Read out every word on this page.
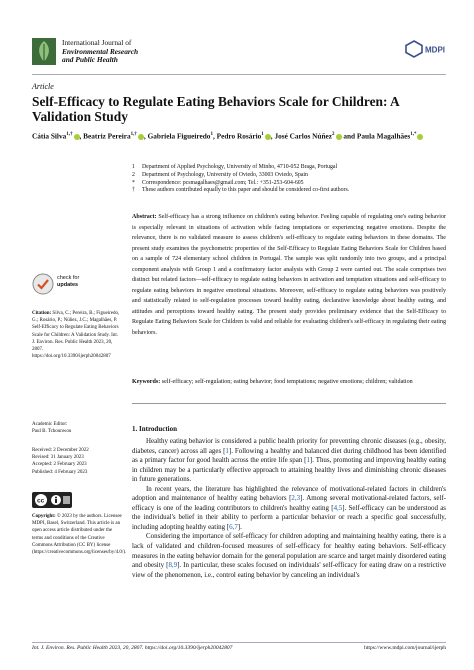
International Journal of
Environmental Research
and Public Health
MDPI
Article
Self-Efficacy to Regulate Eating Behaviors Scale for Children: A Validation Study
Cátia Silva$^{1,\dagger}$ , Beatriz Pereira$^{1,\dagger}$ , Gabriela Figueiredo$^1$, Pedro Rosário$^1$ , José Carlos Núñez$^2$ and Paula Magalhães$^{1,*}$
1	Department of Applied Psychology, University of Minho, 4710-052 Braga, Portugal
2	Department of Psychology, University of Oviedo, 33003 Oviedo, Spain
*	Correspondence: pcsmagalhaes@gmail.com; Tel.: +351-253-604-605
†	These authors contributed equally to this paper and should be considered co-first authors.
Abstract: Self-efficacy has a strong influence on children's eating behavior. Feeling capable of regulating one's eating behavior is especially relevant in situations of activation while facing temptations or experiencing negative emotions. Despite the relevance, there is no validated measure to assess children's self-efficacy to regulate eating behaviors in these domains. The present study examines the psychometric properties of the Self-Efficacy to Regulate Eating Behaviors Scale for Children based on a sample of 724 elementary school children in Portugal. The sample was split randomly into two groups, and a principal component analysis with Group 1 and a confirmatory factor analysis with Group 2 were carried out. The scale comprises two distinct but related factors—self-efficacy to regulate eating behaviors in activation and temptation situations and self-efficacy to regulate eating behaviors in negative emotional situations. Moreover, self-efficacy to regulate eating behaviors was positively and statistically related to self-regulation processes toward healthy eating, declarative knowledge about healthy eating, and attitudes and perceptions toward healthy eating. The present study provides preliminary evidence that the Self-Efficacy to Regulate Eating Behaviors Scale for Children is valid and reliable for evaluating children's self-efficacy in regulating their eating behaviors.
Keywords: self-efficacy; self-regulation; eating behavior; food temptations; negative emotions; children; validation
1. Introduction

Healthy eating behavior is considered a public health priority for preventing chronic diseases (e.g., obesity, diabetes, cancer) across all ages [1]. Following a healthy and balanced diet during childhood has been identified as a primary factor for good health across the entire life span [1]. Thus, promoting and improving healthy eating in children may be a particularly effective approach to attaining healthy lives and diminishing chronic diseases in future generations.

In recent years, the literature has highlighted the relevance of motivational-related factors in children's adoption and maintenance of healthy eating behaviors [2,3]. Among several motivational-related factors, self-efficacy is one of the leading contributors to children's healthy eating [4,5]. Self-efficacy can be understood as the individual's belief in their ability to perform a particular behavior or reach a specific goal successfully, including adopting healthy eating [6,7].

Considering the importance of self-efficacy for children adopting and maintaining healthy eating, there is a lack of validated and children-focused measures of self-efficacy for healthy eating behaviors. Self-efficacy measures in the eating behavior domain for the general population are scarce and target mainly disordered eating and obesity [8,9]. In particular, these scales focused on individuals' self-efficacy for eating draw on a restrictive view of the phenomenon, i.e., control eating behavior by canceling an individual's

check for
updates
Citation: Silva, C.; Pereira, B.; Figueiredo, G.; Rosário, P.; Núñez, J.C.; Magalhães, P. Self-Efficacy to Regulate Eating Behaviors Scale for Children: A Validation Study. Int. J. Environ. Res. Public Health 2023, 20, 2807. https://doi.org/10.3390/ijerph20042807
Academic Editor:
Paul B. Tchounwou
Received: 2 December 2022
Revised: 31 January 2023
Accepted: 2 February 2023
Published: 4 February 2023
cc
Copyright: © 2023 by the authors. Licensee MDPI, Basel, Switzerland. This article is an open access article distributed under the terms and conditions of the Creative Commons Attribution (CC BY) license (https://creativecommons.org/licenses/by/4.0/).
Int. J. Environ. Res. Public Health 2023, 20, 2807. https://doi.org/10.3390/ijerph20042807	https://www.mdpi.com/journal/ijerph
